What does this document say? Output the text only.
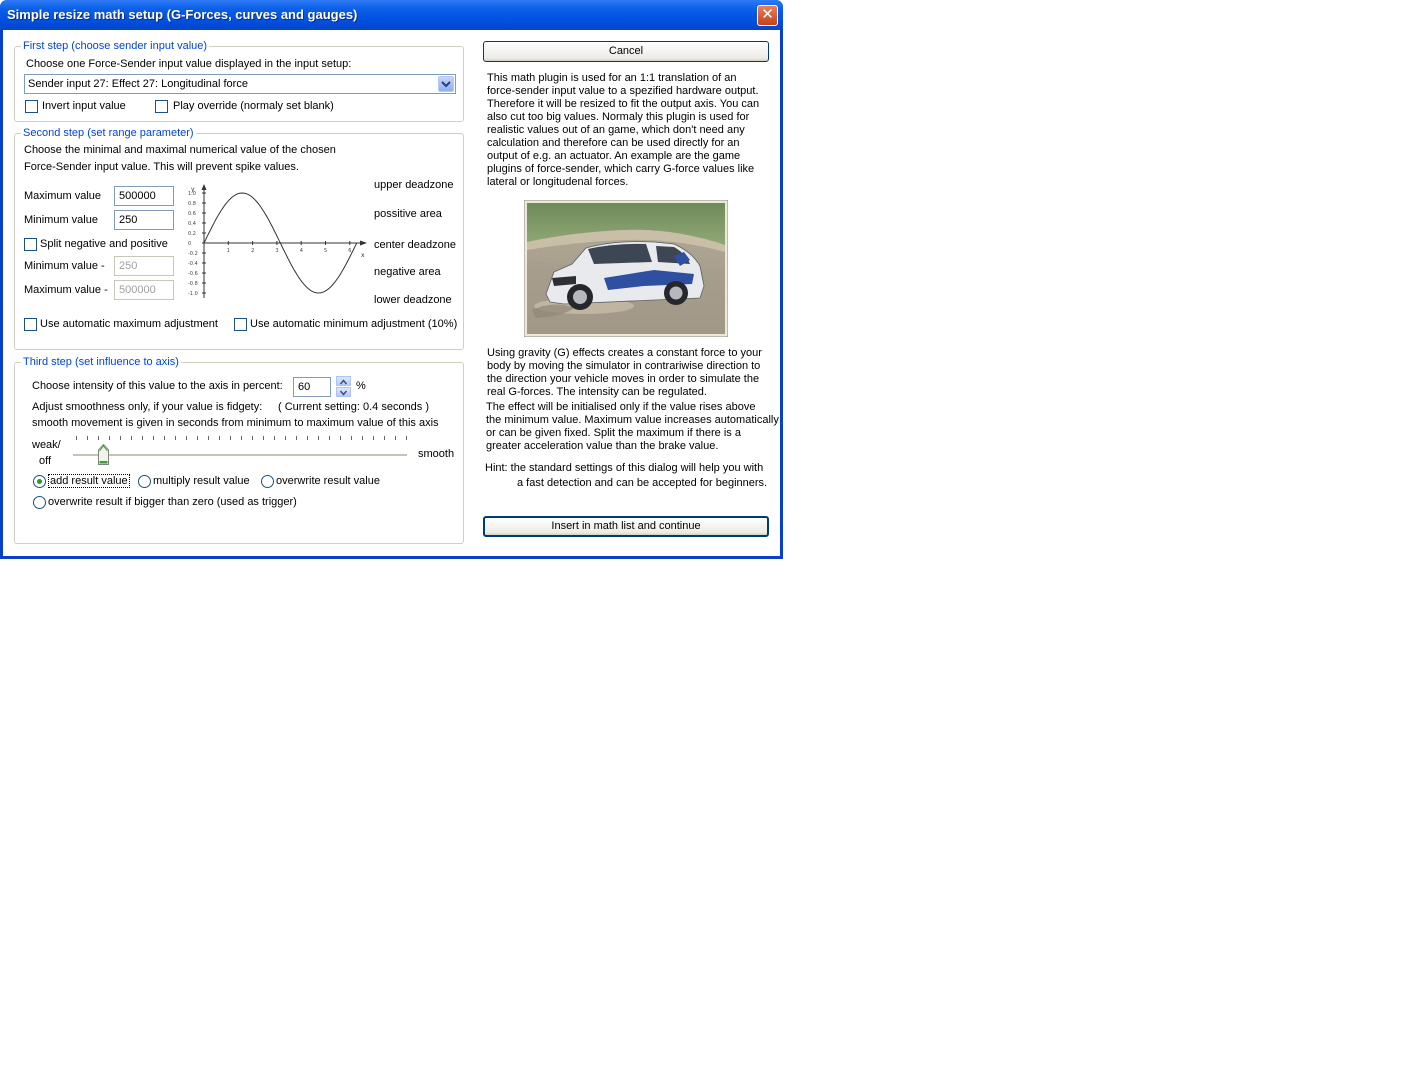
Simple resize math setup (G-Forces, curves and gauges)	✕
First step (choose sender input value)
Choose one Force-Sender input value displayed in the input setup:
Sender input 27: Effect 27: Longitudinal force
Invert input value	Play override (normaly set blank)
Second step (set range parameter)
Choose the minimal and maximal numerical value of the chosen
Force-Sender input value. This will prevent spike values.
Maximum value
500000
Minimum value
250
Split negative and positive
Minimum value -
250
Maximum value -
500000
1	2	3	4	5	6
1.0
0.8
0.6
0.4
0.2
0
-0.2
-0.4
-0.6
-0.8
-1.0
y
x
upper deadzone
possitive area
center deadzone
negative area
lower deadzone
Use automatic maximum adjustment	Use automatic minimum adjustment (10%)
Third step (set influence to axis)
Choose intensity of this value to the axis in percent:
60	%
Adjust smoothness only, if your value is fidgety: ( Current setting: 0.4 seconds )
smooth movement is given in seconds from minimum to maximum value of this axis
weak/
off
smooth
add result value multiply result value overwrite result value
overwrite result if bigger than zero (used as trigger)
Cancel
This math plugin is used for an 1:1 translation of an
force-sender input value to a spezified hardware output.
Therefore it will be resized to fit the output axis. You can
also cut too big values. Normaly this plugin is used for
realistic values out of an game, which don't need any
calculation and therefore can be used directly for an
output of e.g. an actuator. An example are the game
plugins of force-sender, which carry G-force values like
lateral or longitudenal forces.
Using gravity (G) effects creates a constant force to your
body by moving the simulator in contrariwise direction to
the direction your vehicle moves in order to simulate the
real G-forces. The intensity can be regulated.
The effect will be initialised only if the value rises above
the minimum value. Maximum value increases automatically
or can be given fixed. Split the maximum if there is a
greater acceleration value than the brake value.
Hint: the standard settings of this dialog will help you with
a fast detection and can be accepted for beginners.
Insert in math list and continue
